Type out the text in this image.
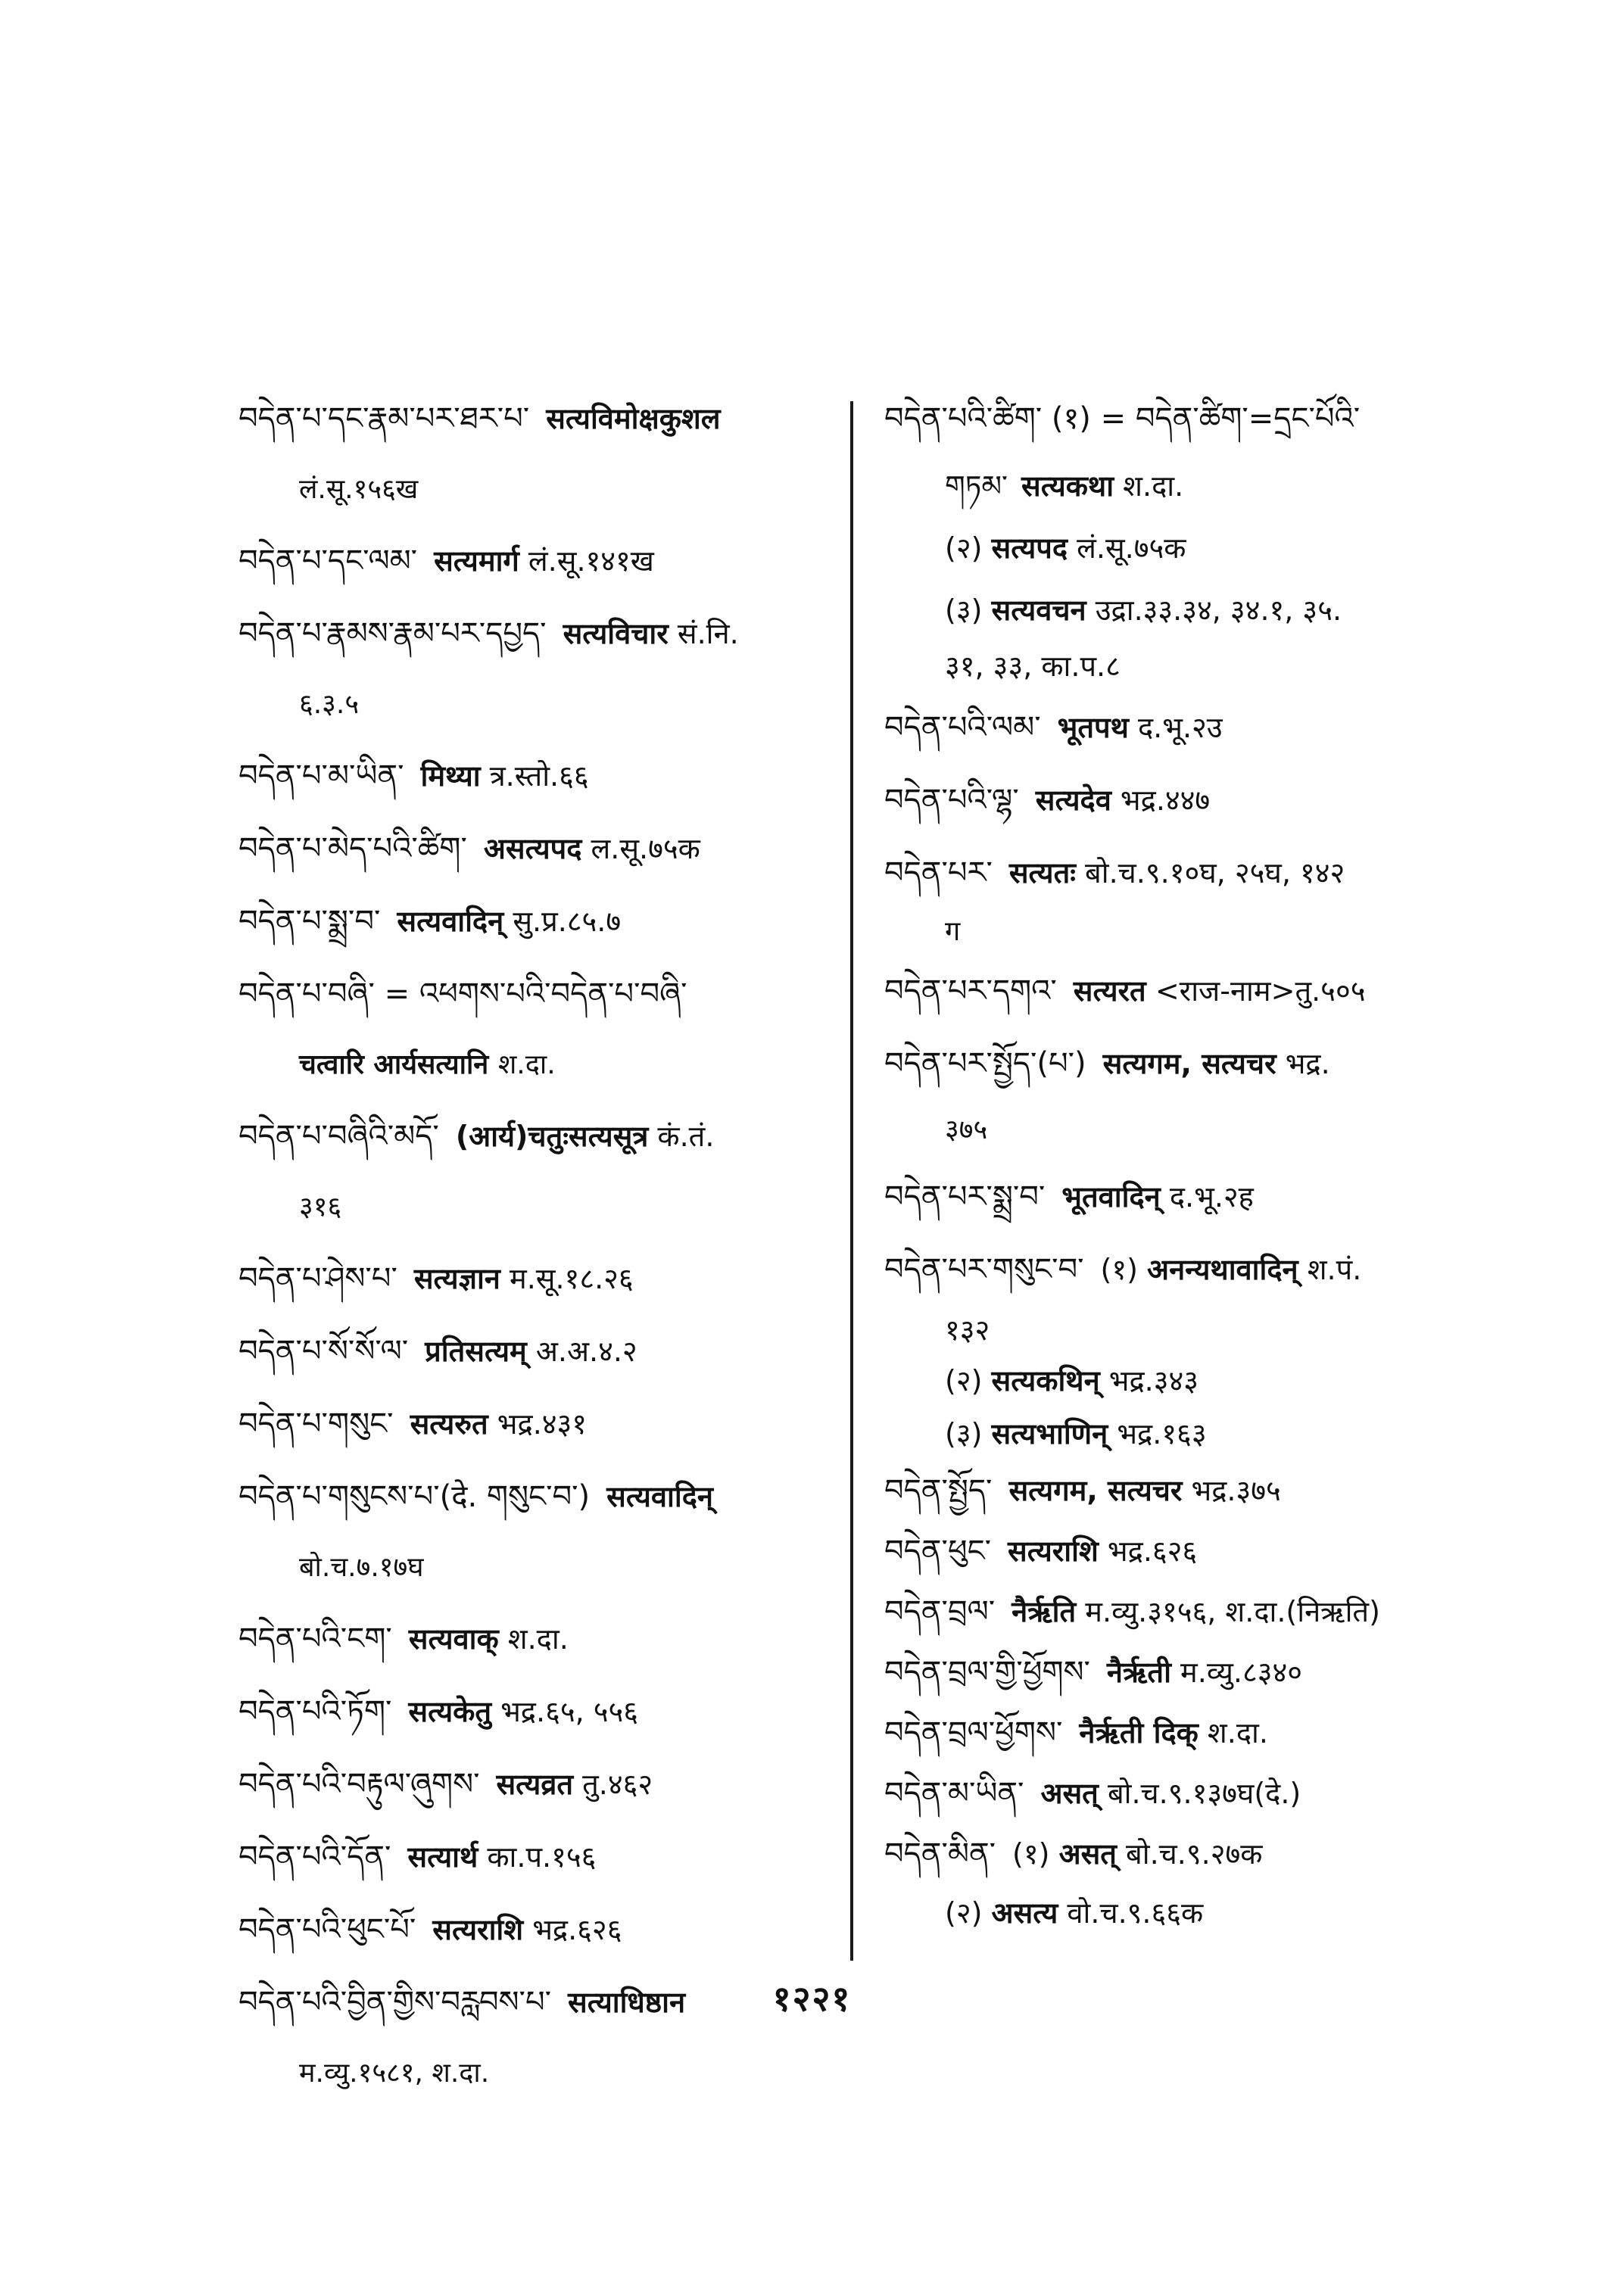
བདེན་པ་དང་རྣམ་པར་ཐར་པ་ सत्यविमोक्षकुशल
लं.सू.१५६ख
བདེན་པ་དང་ལམ་ सत्यमार्ग लं.सू.१४१ख
བདེན་པ་རྣམས་རྣམ་པར་དཔྱད་ सत्यविचार सं.नि.
६.३.५
བདེན་པ་མ་ཡིན་ मिथ्या त्र.स्तो.६६
བདེན་པ་མེད་པའི་ཚིག་ असत्यपद ल.सू.७५क
བདེན་པ་སྨྲ་བ་ सत्यवादिन् सु.प्र.८५.७
བདེན་པ་བཞི་ = འཕགས་པའི་བདེན་པ་བཞི་
चत्वारि आर्यसत्यानि श.दा.
བདེན་པ་བཞིའི་མདོ་ (आर्य)चतुःसत्यसूत्र कं.तं.
३१६
བདེན་པ་ཤེས་པ་ सत्यज्ञान म.सू.१८.२६
བདེན་པ་སོ་སོ་ལ་ प्रतिसत्यम् अ.अ.४.२
བདེན་པ་གསུང་ सत्यरुत भद्र.४३१
བདེན་པ་གསུངས་པ་(दे. གསུང་བ་) सत्यवादिन्
बो.च.७.१७घ
བདེན་པའི་ངག་ सत्यवाक् श.दा.
བདེན་པའི་ཏོག་ सत्यकेतु भद्र.६५, ५५६
བདེན་པའི་བརྟུལ་ཞུགས་ सत्यव्रत तु.४६२
བདེན་པའི་དོན་ सत्यार्थ का.प.१५६
བདེན་པའི་ཕུང་པོ་ सत्यराशि भद्र.६२६
བདེན་པའི་བྱིན་གྱིས་བརླབས་པ་ सत्याधिष्ठान
म.व्यु.१५८१, श.दा.
བདེན་པའི་ཚིག་ (१) = བདེན་ཚིག་=དྲང་པོའི་
གཏམ་ सत्यकथा श.दा.
(२) सत्यपद लं.सू.७५क
(३) सत्यवचन उद्रा.३३.३४, ३४.१, ३५.
३१, ३३, का.प.८
བདེན་པའི་ལམ་ भूतपथ द.भू.२उ
བདེན་པའི་ལྷ་ सत्यदेव भद्र.४४७
བདེན་པར་ सत्यतः बो.च.९.१०घ, २५घ, १४२
ग
བདེན་པར་དགའ་ सत्यरत <राज-नाम>तु.५०५
བདེན་པར་སྤྱོད་(པ་) सत्यगम, सत्यचर भद्र.
३७५
བདེན་པར་སྨྲ་བ་ भूतवादिन् द.भू.२ह
བདེན་པར་གསུང་བ་ (१) अनन्यथावादिन् श.पं.
१३२
(२) सत्यकथिन् भद्र.३४३
(३) सत्यभाणिन् भद्र.१६३
བདེན་སྤྱོད་ सत्यगम, सत्यचर भद्र.३७५
བདེན་ཕུང་ सत्यराशि भद्र.६२६
བདེན་བྲལ་ नैर्ऋति म.व्यु.३१५६, श.दा.(निऋति)
བདེན་བྲལ་གྱི་ཕྱོགས་ नैर्ऋती म.व्यु.८३४०
བདེན་བྲལ་ཕྱོགས་ नैर्ऋती दिक् श.दा.
བདེན་མ་ཡིན་ असत् बो.च.९.१३७घ(दे.)
བདེན་མིན་ (१) असत् बो.च.९.२७क
(२) असत्य वो.च.९.६६क
१२२१
